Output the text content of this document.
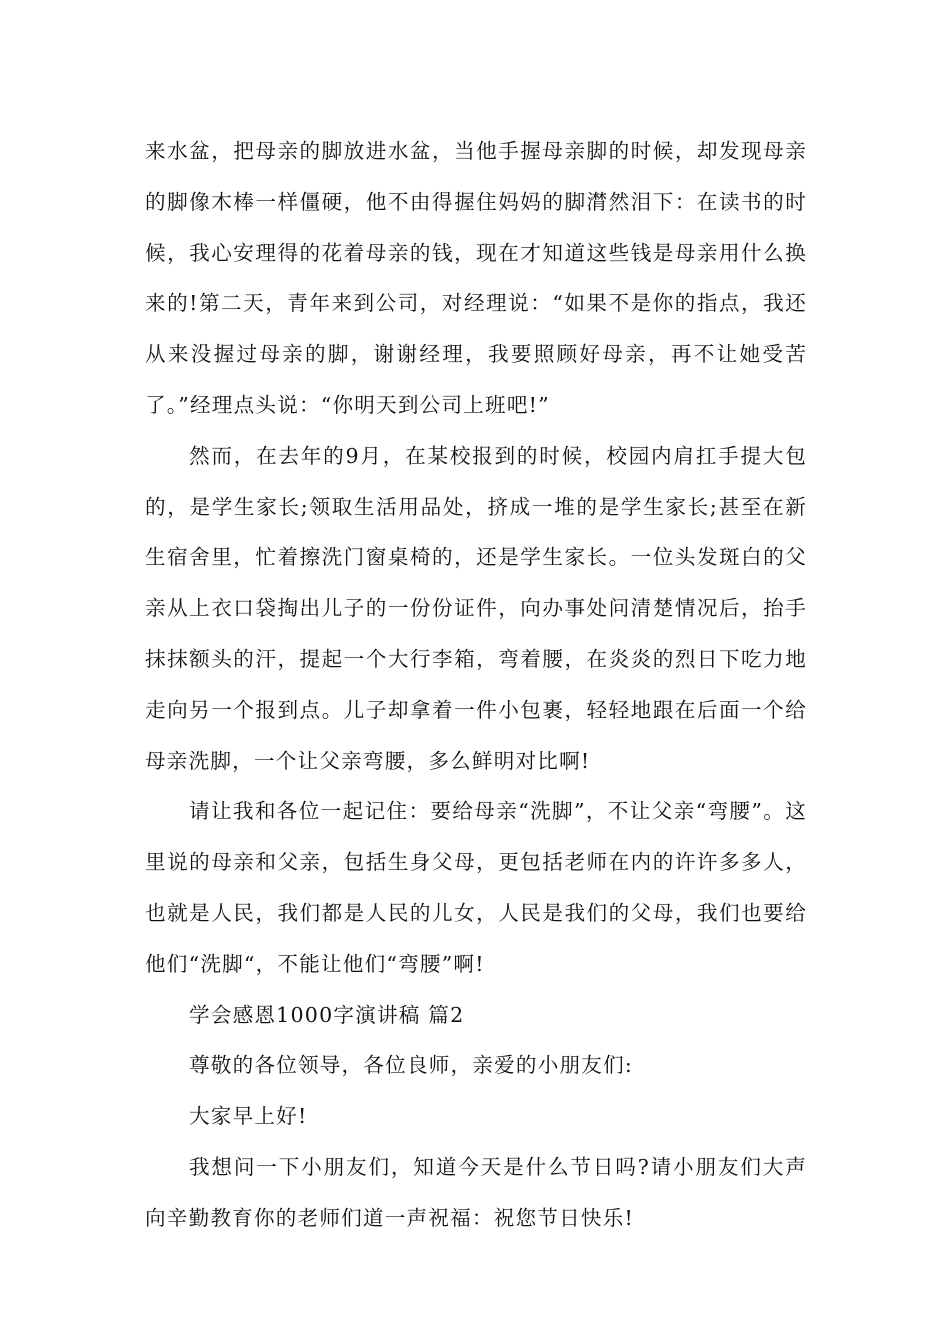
来水盆，把母亲的脚放进水盆，当他手握母亲脚的时候，却发现母亲的脚像木棒一样僵硬，他不由得握住妈妈的脚潸然泪下：在读书的时候，我心安理得的花着母亲的钱，现在才知道这些钱是母亲用什么换来的!第二天，青年来到公司，对经理说：“如果不是你的指点，我还从来没握过母亲的脚，谢谢经理，我要照顾好母亲，再不让她受苦了。”经理点头说：“你明天到公司上班吧!”

然而，在去年的9月，在某校报到的时候，校园内肩扛手提大包的，是学生家长;领取生活用品处，挤成一堆的是学生家长;甚至在新生宿舍里，忙着擦洗门窗桌椅的，还是学生家长。一位头发斑白的父亲从上衣口袋掏出儿子的一份份证件，向办事处问清楚情况后，抬手抹抹额头的汗，提起一个大行李箱，弯着腰，在炎炎的烈日下吃力地走向另一个报到点。儿子却拿着一件小包裹，轻轻地跟在后面一个给母亲洗脚，一个让父亲弯腰，多么鲜明对比啊!

请让我和各位一起记住：要给母亲“洗脚”，不让父亲“弯腰”。这里说的母亲和父亲，包括生身父母，更包括老师在内的许许多多人，也就是人民，我们都是人民的儿女，人民是我们的父母，我们也要给他们“洗脚“，不能让他们“弯腰”啊!

学会感恩1000字演讲稿 篇2

尊敬的各位领导，各位良师，亲爱的小朋友们:

大家早上好!

我想问一下小朋友们，知道今天是什么节日吗?请小朋友们大声向辛勤教育你的老师们道一声祝福：祝您节日快乐!
